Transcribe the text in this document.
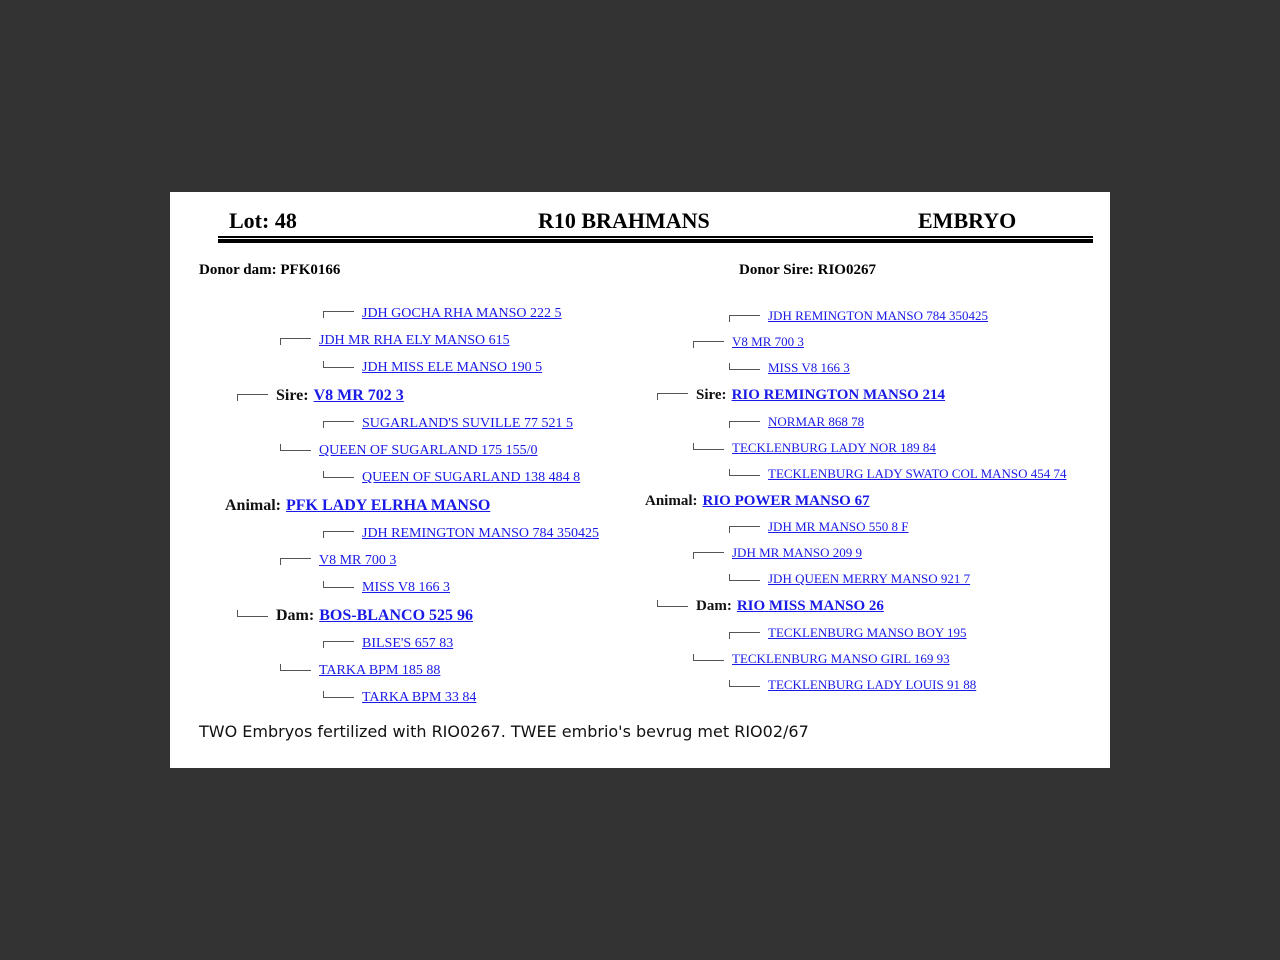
Lot: 48	R10 BRAHMANS	EMBRYO
Donor dam: PFK0166
JDH GOCHA RHA MANSO 222 5
JDH MR RHA ELY MANSO 615
JDH MISS ELE MANSO 190 5
Sire: V8 MR 702 3
SUGARLAND'S SUVILLE 77 521 5
QUEEN OF SUGARLAND 175 155/0
QUEEN OF SUGARLAND 138 484 8
Animal: PFK LADY ELRHA MANSO
JDH REMINGTON MANSO 784 350425
V8 MR 700 3
MISS V8 166 3
Dam: BOS-BLANCO 525 96
BILSE'S 657 83
TARKA BPM 185 88
TARKA BPM 33 84
Donor Sire: RIO0267
JDH REMINGTON MANSO 784 350425
V8 MR 700 3
MISS V8 166 3
Sire: RIO REMINGTON MANSO 214
NORMAR 868 78
TECKLENBURG LADY NOR 189 84
TECKLENBURG LADY SWATO COL MANSO 454 74
Animal: RIO POWER MANSO 67
JDH MR MANSO 550 8 F
JDH MR MANSO 209 9
JDH QUEEN MERRY MANSO 921 7
Dam: RIO MISS MANSO 26
TECKLENBURG MANSO BOY 195
TECKLENBURG MANSO GIRL 169 93
TECKLENBURG LADY LOUIS 91 88
TWO Embryos fertilized with RIO0267. TWEE embrio's bevrug met RIO02/67
